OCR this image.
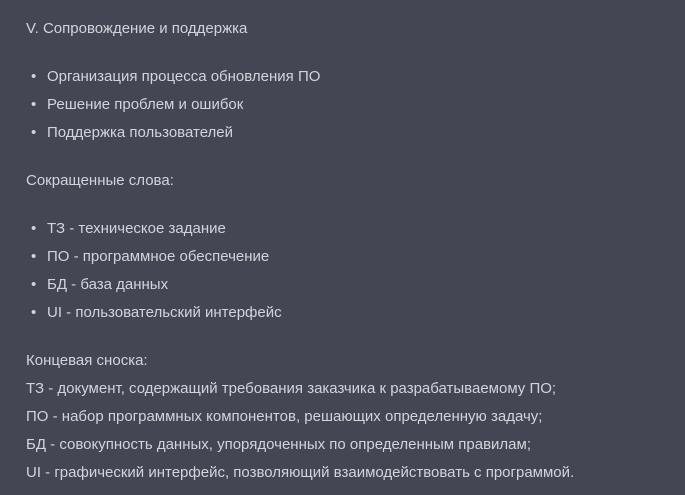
V. Сопровождение и поддержка

• Организация процесса обновления ПО
• Решение проблем и ошибок
• Поддержка пользователей

Сокращенные слова:

• ТЗ - техническое задание
• ПО - программное обеспечение
• БД - база данных
• UI - пользовательский интерфейс

Концевая сноска:

ТЗ - документ, содержащий требования заказчика к разрабатываемому ПО;

ПО - набор программных компонентов, решающих определенную задачу;

БД - совокупность данных, упорядоченных по определенным правилам;

UI - графический интерфейс, позволяющий взаимодействовать с программой.
